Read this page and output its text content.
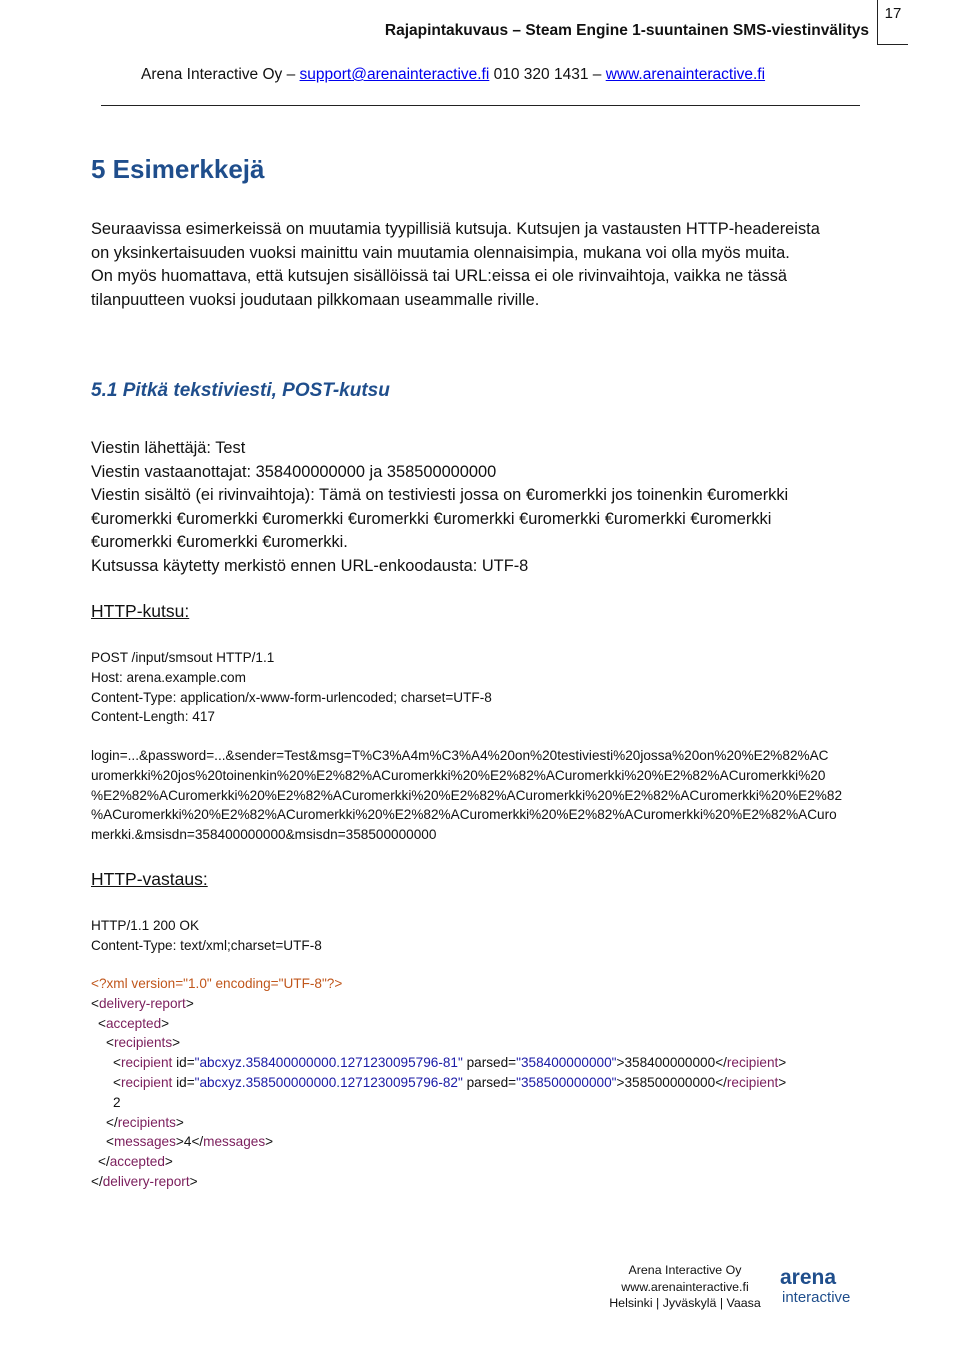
17
Rajapintakuvaus – Steam Engine 1-suuntainen SMS-viestinvälitys
Arena Interactive Oy – support@arenainteractive.fi 010 320 1431 – www.arenainteractive.fi
5 Esimerkkejä
Seuraavissa esimerkeissä on muutamia tyypillisiä kutsuja. Kutsujen ja vastausten HTTP-headereista
on yksinkertaisuuden vuoksi mainittu vain muutamia olennaisimpia, mukana voi olla myös muita.
On myös huomattava, että kutsujen sisällöissä tai URL:eissa ei ole rivinvaihtoja, vaikka ne tässä
tilanpuutteen vuoksi joudutaan pilkkomaan useammalle riville.
5.1 Pitkä tekstiviesti, POST-kutsu
Viestin lähettäjä: Test
Viestin vastaanottajat: 358400000000 ja 358500000000
Viestin sisältö (ei rivinvaihtoja): Tämä on testiviesti jossa on €uromerkki jos toinenkin €uromerkki
€uromerkki €uromerkki €uromerkki €uromerkki €uromerkki €uromerkki €uromerkki €uromerkki
€uromerkki €uromerkki €uromerkki.
Kutsussa käytetty merkistö ennen URL-enkoodausta: UTF-8
HTTP-kutsu:
POST /input/smsout HTTP/1.1
Host: arena.example.com
Content-Type: application/x-www-form-urlencoded; charset=UTF-8
Content-Length: 417
login=...&password=...&sender=Test&msg=T%C3%A4m%C3%A4%20on%20testiviesti%20jossa%20on%20%E2%82%AC
uromerkki%20jos%20toinenkin%20%E2%82%ACuromerkki%20%E2%82%ACuromerkki%20%E2%82%ACuromerkki%20
%E2%82%ACuromerkki%20%E2%82%ACuromerkki%20%E2%82%ACuromerkki%20%E2%82%ACuromerkki%20%E2%82
%ACuromerkki%20%E2%82%ACuromerkki%20%E2%82%ACuromerkki%20%E2%82%ACuromerkki%20%E2%82%ACuro
merkki.&msisdn=358400000000&msisdn=358500000000
HTTP-vastaus:
HTTP/1.1 200 OK
Content-Type: text/xml;charset=UTF-8
<?xml version="1.0" encoding="UTF-8"?>
<delivery-report>
<accepted>
<recipients>
<recipient id="abcxyz.358400000000.1271230095796-81" parsed="358400000000">358400000000</recipient>
<recipient id="abcxyz.358500000000.1271230095796-82" parsed="358500000000">358500000000</recipient>
2
</recipients>
<messages>4</messages>
</accepted>
</delivery-report>
Arena Interactive Oy
www.arenainteractive.fi
Helsinki | Jyväskylä | Vaasa
arena
interactive
